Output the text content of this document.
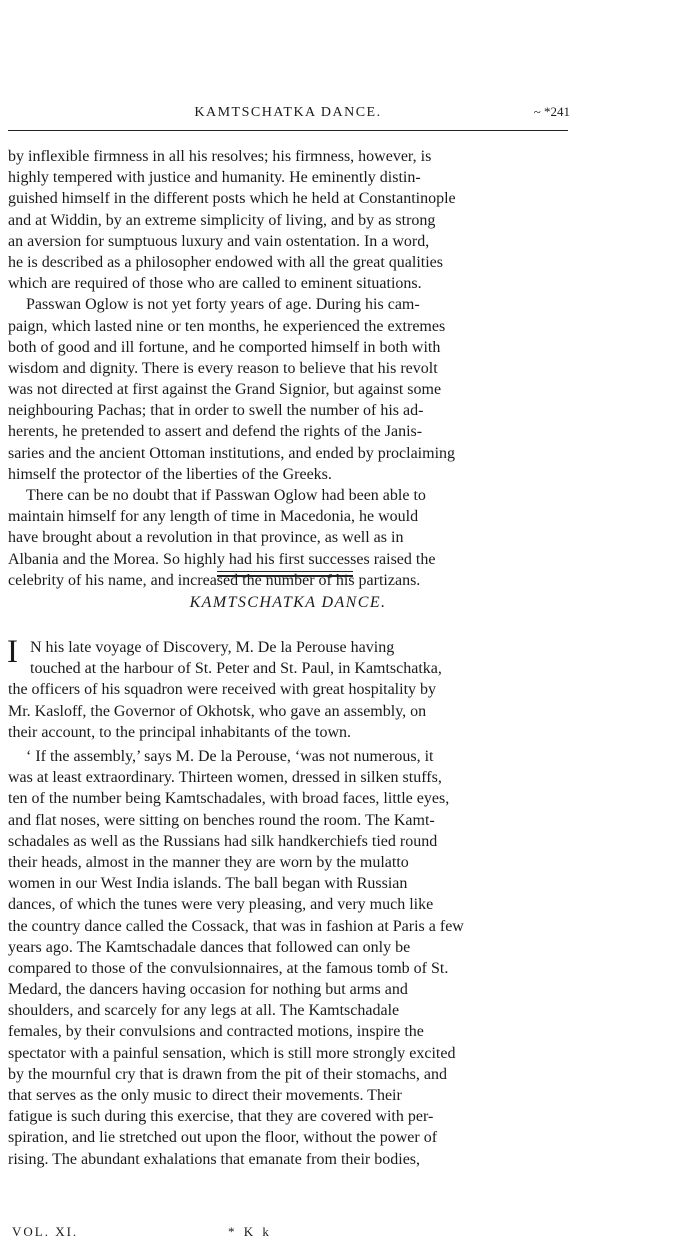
KAMTSCHATKA DANCE.	~ *241
by inflexible firmness in all his resolves; his firmness, however, is
highly tempered with justice and humanity. He eminently distin-
guished himself in the different posts which he held at Constantinople
and at Widdin, by an extreme simplicity of living, and by as strong
an aversion for sumptuous luxury and vain ostentation. In a word,
he is described as a philosopher endowed with all the great qualities
which are required of those who are called to eminent situations.
Passwan Oglow is not yet forty years of age. During his cam-
paign, which lasted nine or ten months, he experienced the extremes
both of good and ill fortune, and he comported himself in both with
wisdom and dignity. There is every reason to believe that his revolt
was not directed at first against the Grand Signior, but against some
neighbouring Pachas; that in order to swell the number of his ad-
herents, he pretended to assert and defend the rights of the Janis-
saries and the ancient Ottoman institutions, and ended by proclaiming
himself the protector of the liberties of the Greeks.
There can be no doubt that if Passwan Oglow had been able to
maintain himself for any length of time in Macedonia, he would
have brought about a revolution in that province, as well as in
Albania and the Morea. So highly had his first successes raised the
celebrity of his name, and increased the number of his partizans.
KAMTSCHATKA DANCE.
I N his late voyage of Discovery, M. De la Perouse having
touched at the harbour of St. Peter and St. Paul, in Kamtschatka,
the officers of his squadron were received with great hospitality by
Mr. Kasloff, the Governor of Okhotsk, who gave an assembly, on
their account, to the principal inhabitants of the town.
‘ If the assembly,’ says M. De la Perouse, ‘was not numerous, it
was at least extraordinary. Thirteen women, dressed in silken stuffs,
ten of the number being Kamtschadales, with broad faces, little eyes,
and flat noses, were sitting on benches round the room. The Kamt-
schadales as well as the Russians had silk handkerchiefs tied round
their heads, almost in the manner they are worn by the mulatto
women in our West India islands. The ball began with Russian
dances, of which the tunes were very pleasing, and very much like
the country dance called the Cossack, that was in fashion at Paris a few
years ago. The Kamtschadale dances that followed can only be
compared to those of the convulsionnaires, at the famous tomb of St.
Medard, the dancers having occasion for nothing but arms and
shoulders, and scarcely for any legs at all. The Kamtschadale
females, by their convulsions and contracted motions, inspire the
spectator with a painful sensation, which is still more strongly excited
by the mournful cry that is drawn from the pit of their stomachs, and
that serves as the only music to direct their movements. Their
fatigue is such during this exercise, that they are covered with per-
spiration, and lie stretched out upon the floor, without the power of
rising. The abundant exhalations that emanate from their bodies,
VOL. XI.	* K k
